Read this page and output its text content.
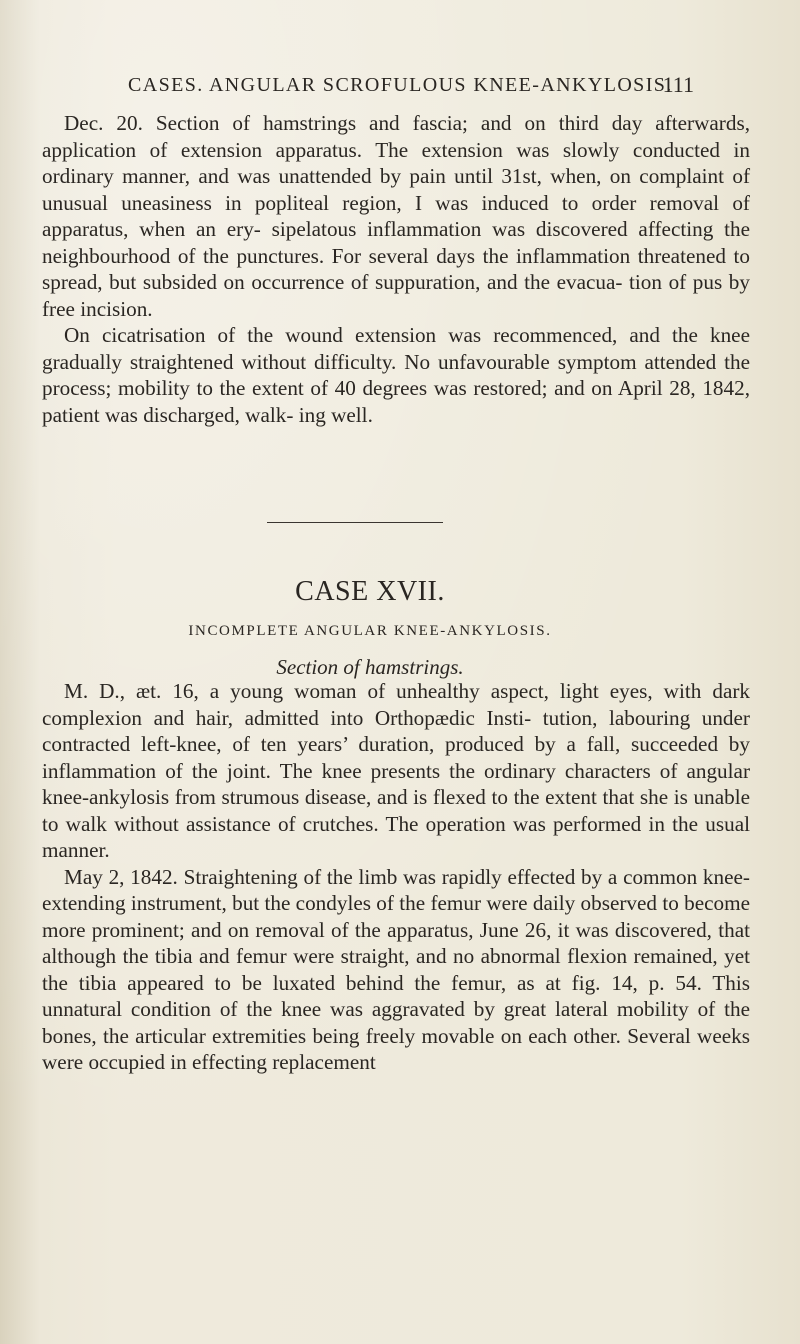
CASES. ANGULAR SCROFULOUS KNEE-ANKYLOSIS.
111

Dec. 20. Section of hamstrings and fascia; and on third day afterwards, application of extension apparatus. The extension was slowly conducted in ordinary manner, and was unattended by pain until 31st, when, on complaint of unusual uneasiness in popliteal region, I was induced to order removal of apparatus, when an ery- sipelatous inflammation was discovered affecting the neighbourhood of the punctures. For several days the inflammation threatened to spread, but subsided on occurrence of suppuration, and the evacua- tion of pus by free incision.

On cicatrisation of the wound extension was recommenced, and the knee gradually straightened without difficulty. No unfavourable symptom attended the process; mobility to the extent of 40 degrees was restored; and on April 28, 1842, patient was discharged, walk- ing well.

CASE XVII.
INCOMPLETE ANGULAR KNEE-ANKYLOSIS.
Section of hamstrings.

M. D., æt. 16, a young woman of unhealthy aspect, light eyes, with dark complexion and hair, admitted into Orthopædic Insti- tution, labouring under contracted left-knee, of ten years’ duration, produced by a fall, succeeded by inflammation of the joint. The knee presents the ordinary characters of angular knee-ankylosis from strumous disease, and is flexed to the extent that she is unable to walk without assistance of crutches. The operation was performed in the usual manner.

May 2, 1842. Straightening of the limb was rapidly effected by a common knee-extending instrument, but the condyles of the femur were daily observed to become more prominent; and on removal of the apparatus, June 26, it was discovered, that although the tibia and femur were straight, and no abnormal flexion remained, yet the tibia appeared to be luxated behind the femur, as at fig. 14, p. 54. This unnatural condition of the knee was aggravated by great lateral mobility of the bones, the articular extremities being freely movable on each other. Several weeks were occupied in effecting replacement
